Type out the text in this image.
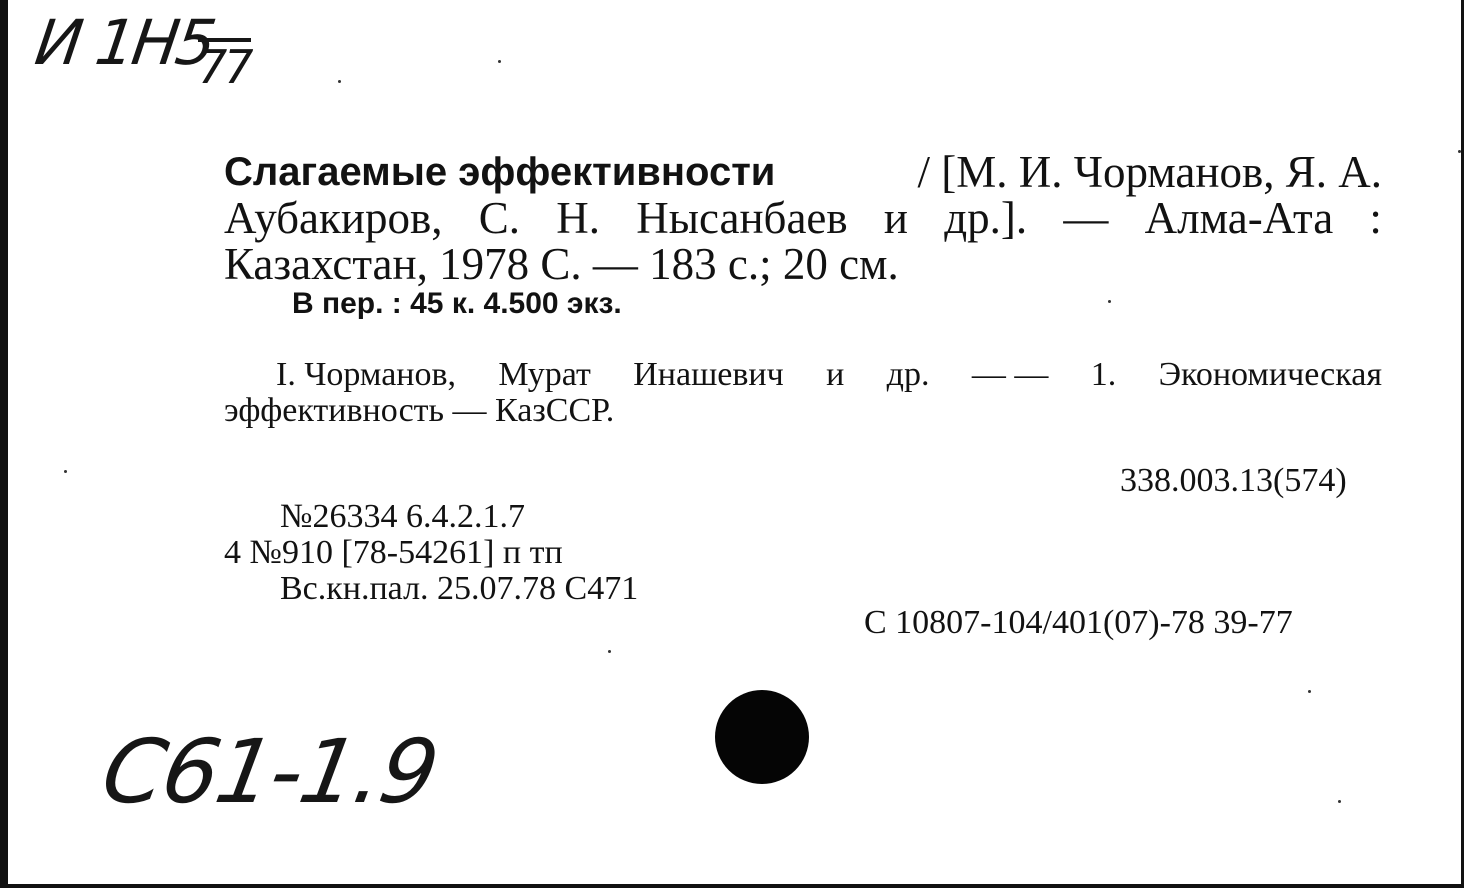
И 1Н5
77
Слагаемые эффективности	/ [М. И. Чорманов, Я. А.
Аубакиров, С. Н. Нысанбаев и др.]. — Алма-Ата :
Казахстан, 1978 С. — 183 с.; 20 см.
В пер. : 45 к. 4.500 экз.
I. Чорманов, Мурат Инашевич и др. — — 1. Экономическая
эффективность — КазССР.
338.003.13(574)
№26334 6.4.2.1.7
4 №910 [78-54261] п тп
Вс.кн.пал. 25.07.78 С471
С 10807-104/401(07)-78 39-77
С61-1.9
